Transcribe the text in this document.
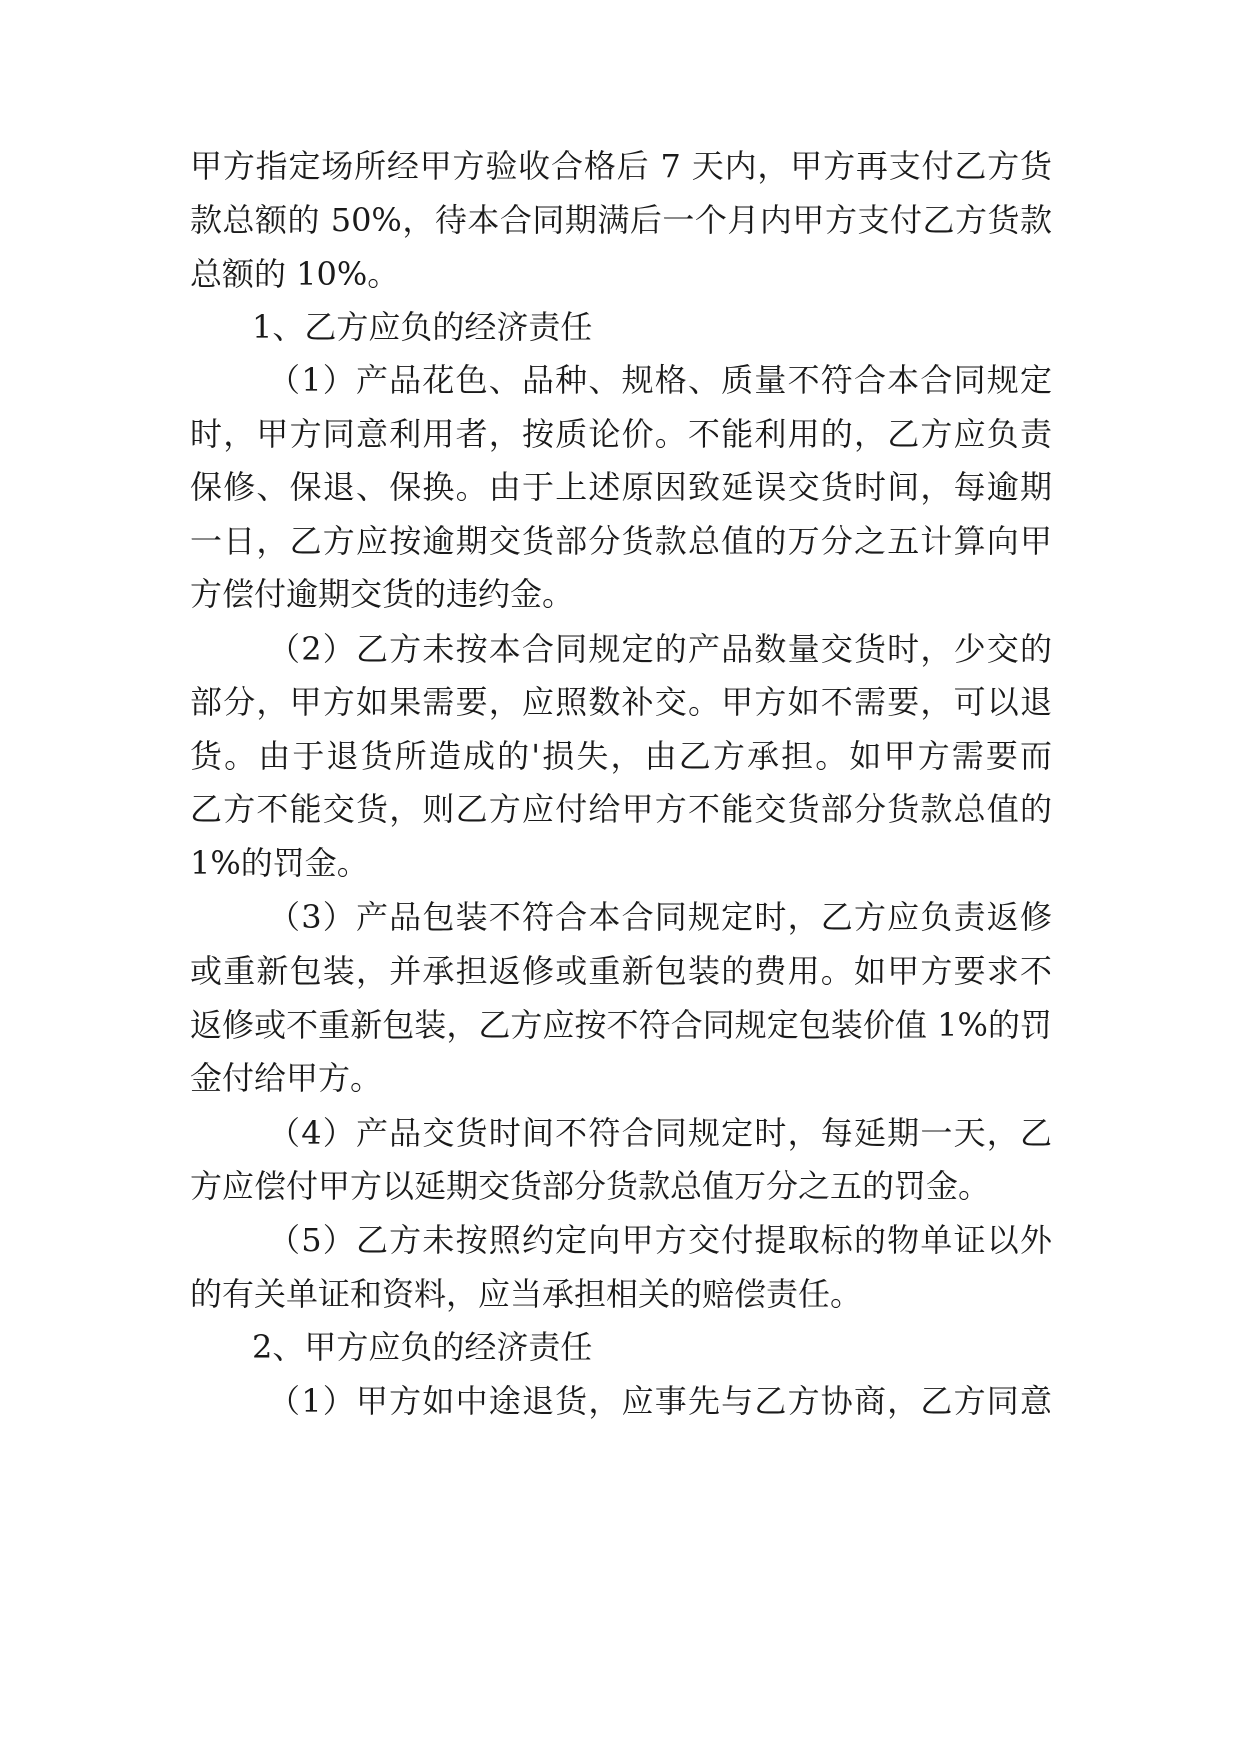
甲方指定场所经甲方验收合格后 7 天内，甲方再支付乙方货
款总额的 50%，待本合同期满后一个月内甲方支付乙方货款
总额的 10%。
1、乙方应负的经济责任
（1）产品花色、品种、规格、质量不符合本合同规定
时，甲方同意利用者，按质论价。不能利用的，乙方应负责
保修、保退、保换。由于上述原因致延误交货时间，每逾期
一日，乙方应按逾期交货部分货款总值的万分之五计算向甲
方偿付逾期交货的违约金。
（2）乙方未按本合同规定的产品数量交货时，少交的
部分，甲方如果需要，应照数补交。甲方如不需要，可以退
货。由于退货所造成的'损失，由乙方承担。如甲方需要而
乙方不能交货，则乙方应付给甲方不能交货部分货款总值的
1%的罚金。
（3）产品包装不符合本合同规定时，乙方应负责返修
或重新包装，并承担返修或重新包装的费用。如甲方要求不
返修或不重新包装，乙方应按不符合同规定包装价值 1%的罚
金付给甲方。
（4）产品交货时间不符合同规定时，每延期一天，乙
方应偿付甲方以延期交货部分货款总值万分之五的罚金。
（5）乙方未按照约定向甲方交付提取标的物单证以外
的有关单证和资料，应当承担相关的赔偿责任。
2、甲方应负的经济责任
（1）甲方如中途退货，应事先与乙方协商，乙方同意
